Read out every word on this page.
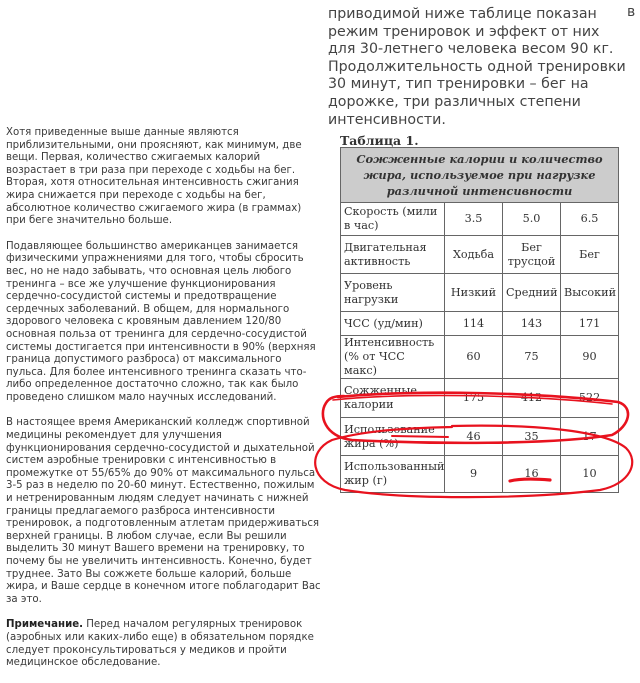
приводимой ниже таблице показан режим тренировок и эффект от них для 30-летнего человека весом 90 кг. Продолжительность одной тренировки 30 минут, тип тренировки – бег на дорожке, три различных степени интенсивности.
в

Хотя приведенные выше данные являются приблизительными, они проясняют, как минимум, две вещи. Первая, количество сжигаемых калорий возрастает в три раза при переходе с ходьбы на бег. Вторая, хотя относительная интенсивность сжигания жира снижается при переходе с ходьбы на бег, абсолютное количество сжигаемого жира (в граммах) при беге значительно больше.

Подавляющее большинство американцев занимается физическими упражнениями для того, чтобы сбросить вес, но не надо забывать, что основная цель любого тренинга – все же улучшение функционирования сердечно-сосудистой системы и предотвращение сердечных заболеваний. В общем, для нормального здорового человека с кровяным давлением 120/80 основная польза от тренинга для сердечно-сосудистой системы достигается при интенсивности в 90% (верхняя граница допустимого разброса) от максимального пульса. Для более интенсивного тренинга сказать что-либо определенное достаточно сложно, так как было проведено слишком мало научных исследований.

В настоящее время Американский колледж спортивной медицины рекомендует для улучшения функционирования сердечно-сосудистой и дыхательной систем аэробные тренировки с интенсивностью в промежутке от 55/65% до 90% от максимального пульса 3-5 раз в неделю по 20-60 минут. Естественно, пожилым и нетренированным людям следует начинать с нижней границы предлагаемого разброса интенсивности тренировок, а подготовленным атлетам придерживаться верхней границы. В любом случае, если Вы решили выделить 30 минут Вашего времени на тренировку, то почему бы не увеличить интенсивность. Конечно, будет труднее. Зато Вы сожжете больше калорий, больше жира, и Ваше сердце в конечном итоге поблагодарит Вас за это.

Примечание. Перед началом регулярных тренировок (аэробных или каких-либо еще) в обязательном порядке следует проконсультироваться у медиков и пройти медицинское обследование.

Таблица 1.
Сожженные калории и количество жира, используемое при нагрузке различной интенсивности			
Скорость (мили в час)	3.5	5.0	6.5
Двигательная активность	Ходьба	Бег трусцой	Бег
Уровень нагрузки	Низкий	Средний	Высокий
ЧСС (уд/мин)	114	143	171
Интенсивность (% от ЧСС макс)	60	75	90
Сожженные калории	175	412	522
Использование жира (%)	46	35	17
Использованный жир (г)	9	16	10
